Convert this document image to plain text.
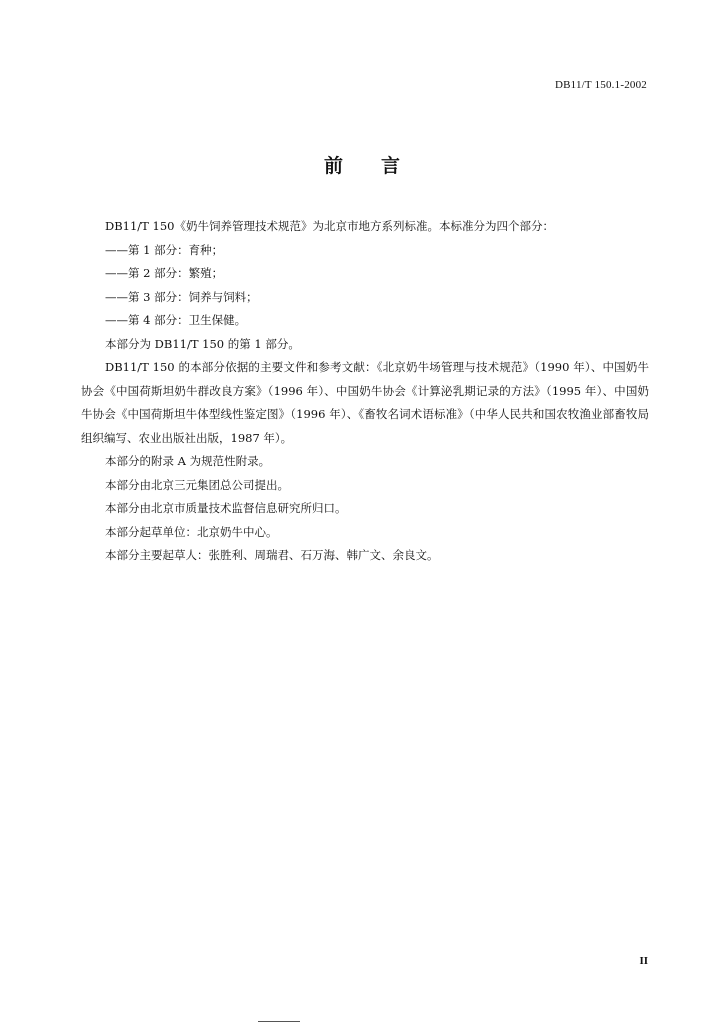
DB11/T 150.1-2002
前言

DB11/T 150《奶牛饲养管理技术规范》为北京市地方系列标准。本标准分为四个部分：

——第 1 部分：育种；

——第 2 部分：繁殖；

——第 3 部分：饲养与饲料；

——第 4 部分：卫生保健。

本部分为 DB11/T 150 的第 1 部分。

DB11/T 150 的本部分依据的主要文件和参考文献：《北京奶牛场管理与技术规范》（1990 年）、中国奶牛协会《中国荷斯坦奶牛群改良方案》（1996 年）、中国奶牛协会《计算泌乳期记录的方法》（1995 年）、中国奶牛协会《中国荷斯坦牛体型线性鉴定图》（1996 年）、《畜牧名词术语标准》（中华人民共和国农牧渔业部畜牧局组织编写、农业出版社出版，1987 年）。

本部分的附录 A 为规范性附录。

本部分由北京三元集团总公司提出。

本部分由北京市质量技术监督信息研究所归口。

本部分起草单位：北京奶牛中心。

本部分主要起草人：张胜利、周瑞君、石万海、韩广文、余良文。

II
